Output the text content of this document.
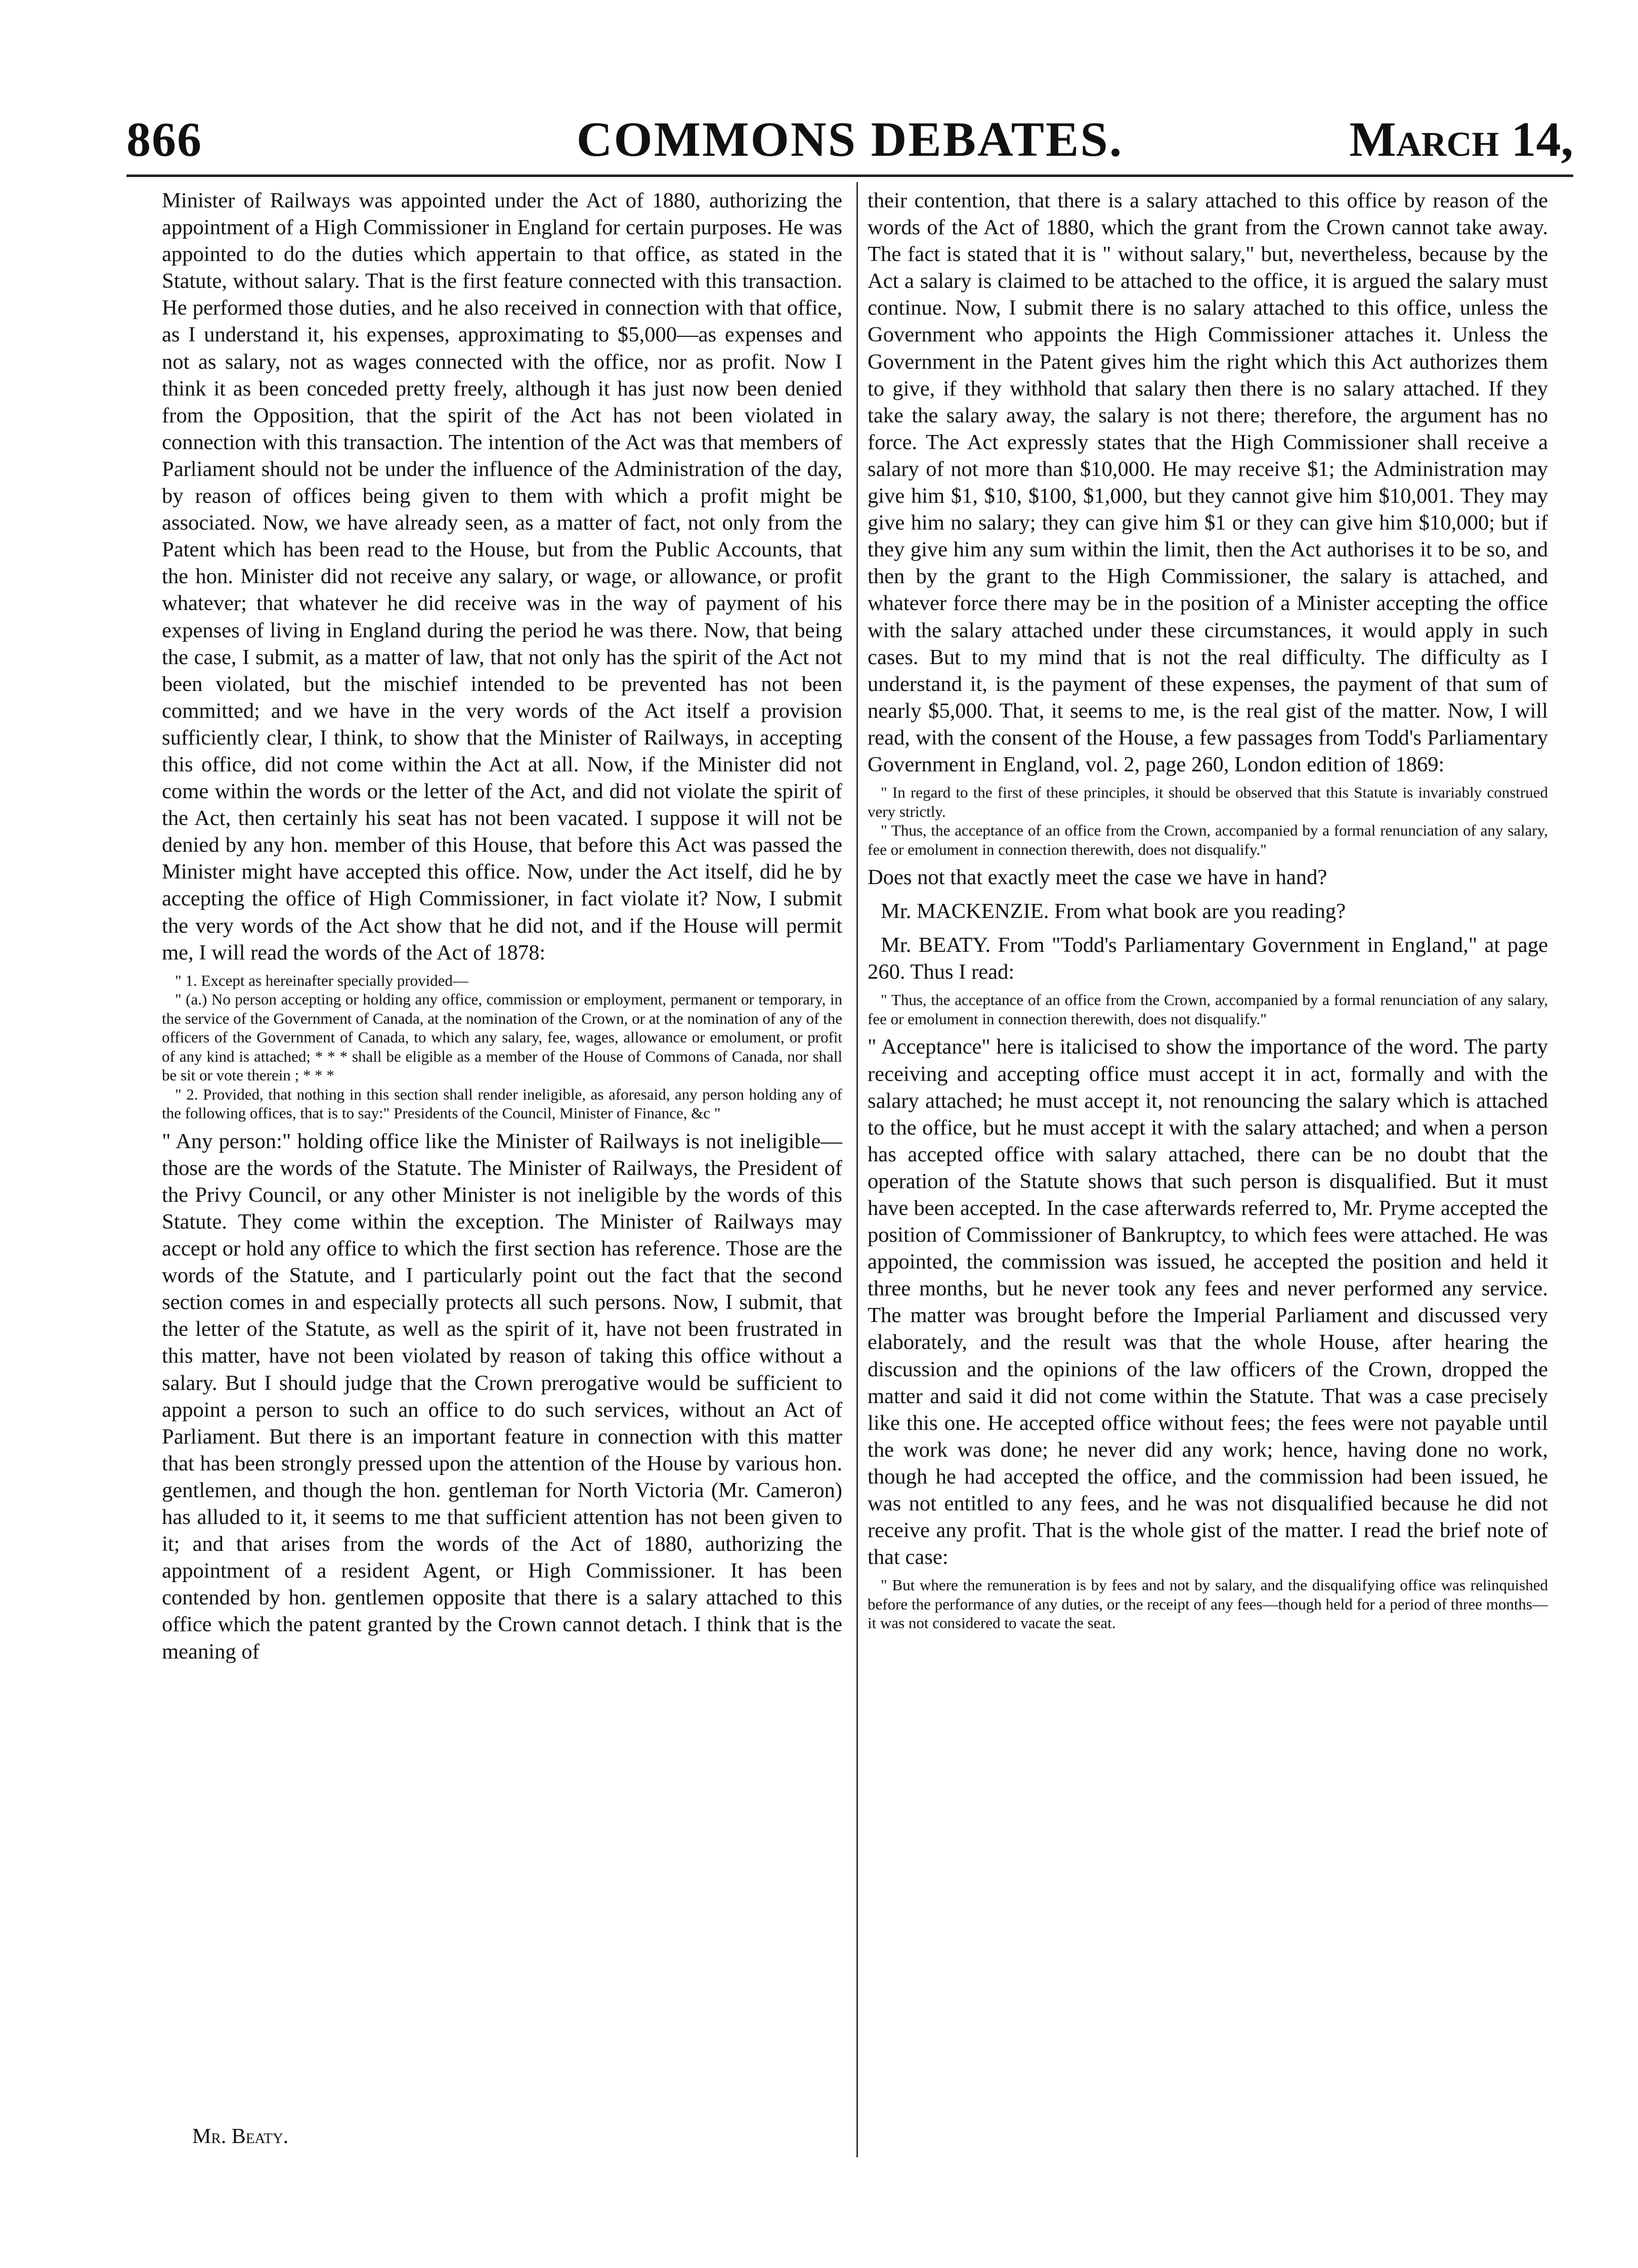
866	COMMONS DEBATES.	March 14,

Minister of Railways was appointed under the Act of 1880, authorizing the appointment of a High Commissioner in England for certain purposes. He was appointed to do the duties which appertain to that office, as stated in the Statute, without salary. That is the first feature connected with this transaction. He performed those duties, and he also received in connection with that office, as I understand it, his expenses, approximating to $5,000—as expenses and not as salary, not as wages connected with the office, nor as profit. Now I think it as been conceded pretty freely, although it has just now been denied from the Opposition, that the spirit of the Act has not been violated in connection with this transaction. The intention of the Act was that members of Parliament should not be under the influence of the Administration of the day, by reason of offices being given to them with which a profit might be associated. Now, we have already seen, as a matter of fact, not only from the Patent which has been read to the House, but from the Public Accounts, that the hon. Minister did not receive any salary, or wage, or allowance, or profit whatever; that whatever he did receive was in the way of payment of his expenses of living in England during the period he was there. Now, that being the case, I submit, as a matter of law, that not only has the spirit of the Act not been violated, but the mischief intended to be prevented has not been committed; and we have in the very words of the Act itself a provision sufficiently clear, I think, to show that the Minister of Railways, in accepting this office, did not come within the Act at all. Now, if the Minister did not come within the words or the letter of the Act, and did not violate the spirit of the Act, then certainly his seat has not been vacated. I suppose it will not be denied by any hon. member of this House, that before this Act was passed the Minister might have accepted this office. Now, under the Act itself, did he by accepting the office of High Commissioner, in fact violate it? Now, I submit the very words of the Act show that he did not, and if the House will permit me, I will read the words of the Act of 1878:

" 1. Except as hereinafter specially provided—

" (a.) No person accepting or holding any office, commission or employment, permanent or temporary, in the service of the Government of Canada, at the nomination of the Crown, or at the nomination of any of the officers of the Government of Canada, to which any salary, fee, wages, allowance or emolument, or profit of any kind is attached; * * * shall be eligible as a member of the House of Commons of Canada, nor shall be sit or vote therein ; * * *

" 2. Provided, that nothing in this section shall render ineligible, as aforesaid, any person holding any of the following offices, that is to say:" Presidents of the Council, Minister of Finance, &c "

" Any person:" holding office like the Minister of Railways is not ineligible—those are the words of the Statute. The Minister of Railways, the President of the Privy Council, or any other Minister is not ineligible by the words of this Statute. They come within the exception. The Minister of Railways may accept or hold any office to which the first section has reference. Those are the words of the Statute, and I particularly point out the fact that the second section comes in and especially protects all such persons. Now, I submit, that the letter of the Statute, as well as the spirit of it, have not been frustrated in this matter, have not been violated by reason of taking this office without a salary. But I should judge that the Crown prerogative would be sufficient to appoint a person to such an office to do such services, without an Act of Parliament. But there is an important feature in connection with this matter that has been strongly pressed upon the attention of the House by various hon. gentlemen, and though the hon. gentleman for North Victoria (Mr. Cameron) has alluded to it, it seems to me that sufficient attention has not been given to it; and that arises from the words of the Act of 1880, authorizing the appointment of a resident Agent, or High Commissioner. It has been contended by hon. gentlemen opposite that there is a salary attached to this office which the patent granted by the Crown cannot detach. I think that is the meaning of

their contention, that there is a salary attached to this office by reason of the words of the Act of 1880, which the grant from the Crown cannot take away. The fact is stated that it is " without salary," but, nevertheless, because by the Act a salary is claimed to be attached to the office, it is argued the salary must continue. Now, I submit there is no salary attached to this office, unless the Government who appoints the High Commissioner attaches it. Unless the Government in the Patent gives him the right which this Act authorizes them to give, if they withhold that salary then there is no salary attached. If they take the salary away, the salary is not there; therefore, the argument has no force. The Act expressly states that the High Commissioner shall receive a salary of not more than $10,000. He may receive $1; the Administration may give him $1, $10, $100, $1,000, but they cannot give him $10,001. They may give him no salary; they can give him $1 or they can give him $10,000; but if they give him any sum within the limit, then the Act authorises it to be so, and then by the grant to the High Commissioner, the salary is attached, and whatever force there may be in the position of a Minister accepting the office with the salary attached under these circumstances, it would apply in such cases. But to my mind that is not the real difficulty. The difficulty as I understand it, is the payment of these expenses, the payment of that sum of nearly $5,000. That, it seems to me, is the real gist of the matter. Now, I will read, with the consent of the House, a few passages from Todd's Parliamentary Government in England, vol. 2, page 260, London edition of 1869:

" In regard to the first of these principles, it should be observed that this Statute is invariably construed very strictly.

" Thus, the acceptance of an office from the Crown, accompanied by a formal renunciation of any salary, fee or emolument in connection therewith, does not disqualify."

Does not that exactly meet the case we have in hand?

Mr. MACKENZIE. From what book are you reading?

Mr. BEATY. From "Todd's Parliamentary Government in England," at page 260. Thus I read:

" Thus, the acceptance of an office from the Crown, accompanied by a formal renunciation of any salary, fee or emolument in connection therewith, does not disqualify."

" Acceptance" here is italicised to show the importance of the word. The party receiving and accepting office must accept it in act, formally and with the salary attached; he must accept it, not renouncing the salary which is attached to the office, but he must accept it with the salary attached; and when a person has accepted office with salary attached, there can be no doubt that the operation of the Statute shows that such person is disqualified. But it must have been accepted. In the case afterwards referred to, Mr. Pryme accepted the position of Commissioner of Bankruptcy, to which fees were attached. He was appointed, the commission was issued, he accepted the position and held it three months, but he never took any fees and never performed any service. The matter was brought before the Imperial Parliament and discussed very elaborately, and the result was that the whole House, after hearing the discussion and the opinions of the law officers of the Crown, dropped the matter and said it did not come within the Statute. That was a case precisely like this one. He accepted office without fees; the fees were not payable until the work was done; he never did any work; hence, having done no work, though he had accepted the office, and the commission had been issued, he was not entitled to any fees, and he was not disqualified because he did not receive any profit. That is the whole gist of the matter. I read the brief note of that case:

" But where the remuneration is by fees and not by salary, and the disqualifying office was relinquished before the performance of any duties, or the receipt of any fees—though held for a period of three months—it was not considered to vacate the seat.

Mr. Beaty.
